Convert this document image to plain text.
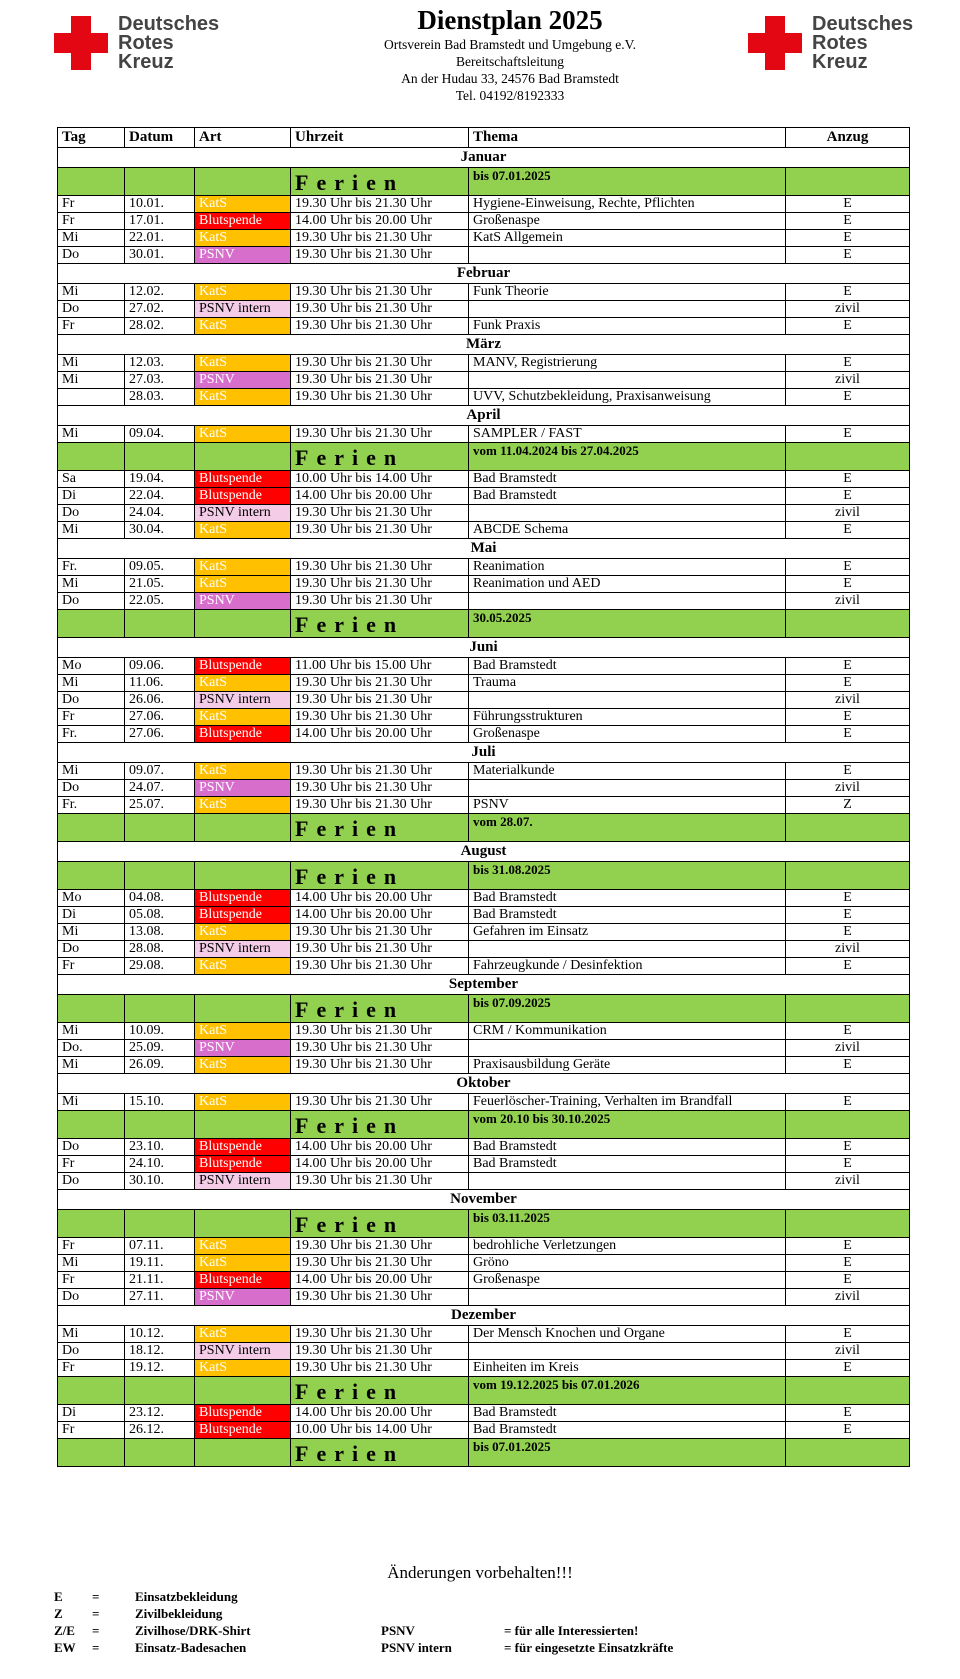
Deutsches
Rotes
Kreuz
Deutsches
Rotes
Kreuz
Dienstplan 2025
Ortsverein Bad Bramstedt und Umgebung e.V.
Bereitschaftsleitung
An der Hudau 33, 24576 Bad Bramstedt
Tel. 04192/8192333
Tag	Datum	Art	Uhrzeit	Thema	Anzug
Januar					
			Ferien	bis 07.01.2025	
Fr	10.01.	KatS	19.30 Uhr bis 21.30 Uhr	Hygiene-Einweisung, Rechte, Pflichten	E
Fr	17.01.	Blutspende	14.00 Uhr bis 20.00 Uhr	Großenaspe	E
Mi	22.01.	KatS	19.30 Uhr bis 21.30 Uhr	KatS Allgemein	E
Do	30.01.	PSNV	19.30 Uhr bis 21.30 Uhr		E
Februar					
Mi	12.02.	KatS	19.30 Uhr bis 21.30 Uhr	Funk Theorie	E
Do	27.02.	PSNV intern	19.30 Uhr bis 21.30 Uhr		zivil
Fr	28.02.	KatS	19.30 Uhr bis 21.30 Uhr	Funk Praxis	E
März					
Mi	12.03.	KatS	19.30 Uhr bis 21.30 Uhr	MANV, Registrierung	E
Mi	27.03.	PSNV	19.30 Uhr bis 21.30 Uhr		zivil
	28.03.	KatS	19.30 Uhr bis 21.30 Uhr	UVV, Schutzbekleidung, Praxisanweisung	E
April					
Mi	09.04.	KatS	19.30 Uhr bis 21.30 Uhr	SAMPLER / FAST	E
			Ferien	vom 11.04.2024 bis 27.04.2025	
Sa	19.04.	Blutspende	10.00 Uhr bis 14.00 Uhr	Bad Bramstedt	E
Di	22.04.	Blutspende	14.00 Uhr bis 20.00 Uhr	Bad Bramstedt	E
Do	24.04.	PSNV intern	19.30 Uhr bis 21.30 Uhr		zivil
Mi	30.04.	KatS	19.30 Uhr bis 21.30 Uhr	ABCDE Schema	E
Mai					
Fr.	09.05.	KatS	19.30 Uhr bis 21.30 Uhr	Reanimation	E
Mi	21.05.	KatS	19.30 Uhr bis 21.30 Uhr	Reanimation und AED	E
Do	22.05.	PSNV	19.30 Uhr bis 21.30 Uhr		zivil
			Ferien	30.05.2025	
Juni					
Mo	09.06.	Blutspende	11.00 Uhr bis 15.00 Uhr	Bad Bramstedt	E
Mi	11.06.	KatS	19.30 Uhr bis 21.30 Uhr	Trauma	E
Do	26.06.	PSNV intern	19.30 Uhr bis 21.30 Uhr		zivil
Fr	27.06.	KatS	19.30 Uhr bis 21.30 Uhr	Führungsstrukturen	E
Fr.	27.06.	Blutspende	14.00 Uhr bis 20.00 Uhr	Großenaspe	E
Juli					
Mi	09.07.	KatS	19.30 Uhr bis 21.30 Uhr	Materialkunde	E
Do	24.07.	PSNV	19.30 Uhr bis 21.30 Uhr		zivil
Fr.	25.07.	KatS	19.30 Uhr bis 21.30 Uhr	PSNV	Z
			Ferien	vom 28.07.	
August					
			Ferien	bis 31.08.2025	
Mo	04.08.	Blutspende	14.00 Uhr bis 20.00 Uhr	Bad Bramstedt	E
Di	05.08.	Blutspende	14.00 Uhr bis 20.00 Uhr	Bad Bramstedt	E
Mi	13.08.	KatS	19.30 Uhr bis 21.30 Uhr	Gefahren im Einsatz	E
Do	28.08.	PSNV intern	19.30 Uhr bis 21.30 Uhr		zivil
Fr	29.08.	KatS	19.30 Uhr bis 21.30 Uhr	Fahrzeugkunde / Desinfektion	E
September					
			Ferien	bis 07.09.2025	
Mi	10.09.	KatS	19.30 Uhr bis 21.30 Uhr	CRM / Kommunikation	E
Do.	25.09.	PSNV	19.30 Uhr bis 21.30 Uhr		zivil
Mi	26.09.	KatS	19.30 Uhr bis 21.30 Uhr	Praxisausbildung Geräte	E
Oktober					
Mi	15.10.	KatS	19.30 Uhr bis 21.30 Uhr	Feuerlöscher-Training, Verhalten im Brandfall	E
			Ferien	vom 20.10 bis 30.10.2025	
Do	23.10.	Blutspende	14.00 Uhr bis 20.00 Uhr	Bad Bramstedt	E
Fr	24.10.	Blutspende	14.00 Uhr bis 20.00 Uhr	Bad Bramstedt	E
Do	30.10.	PSNV intern	19.30 Uhr bis 21.30 Uhr		zivil
November					
			Ferien	bis 03.11.2025	
Fr	07.11.	KatS	19.30 Uhr bis 21.30 Uhr	bedrohliche Verletzungen	E
Mi	19.11.	KatS	19.30 Uhr bis 21.30 Uhr	Gröno	E
Fr	21.11.	Blutspende	14.00 Uhr bis 20.00 Uhr	Großenaspe	E
Do	27.11.	PSNV	19.30 Uhr bis 21.30 Uhr		zivil
Dezember					
Mi	10.12.	KatS	19.30 Uhr bis 21.30 Uhr	Der Mensch Knochen und Organe	E
Do	18.12.	PSNV intern	19.30 Uhr bis 21.30 Uhr		zivil
Fr	19.12.	KatS	19.30 Uhr bis 21.30 Uhr	Einheiten im Kreis	E
			Ferien	vom 19.12.2025 bis 07.01.2026	
Di	23.12.	Blutspende	14.00 Uhr bis 20.00 Uhr	Bad Bramstedt	E
Fr	26.12.	Blutspende	10.00 Uhr bis 14.00 Uhr	Bad Bramstedt	E
			Ferien	bis 07.01.2025	
Änderungen vorbehalten!!!
E =	Einsatzbekleidung
Z =	Zivilbekleidung
Z/E =	Zivilhose/DRK-Shirt	PSNV	= für alle Interessierten!
EW =	Einsatz-Badesachen	PSNV intern	= für eingesetzte Einsatzkräfte
